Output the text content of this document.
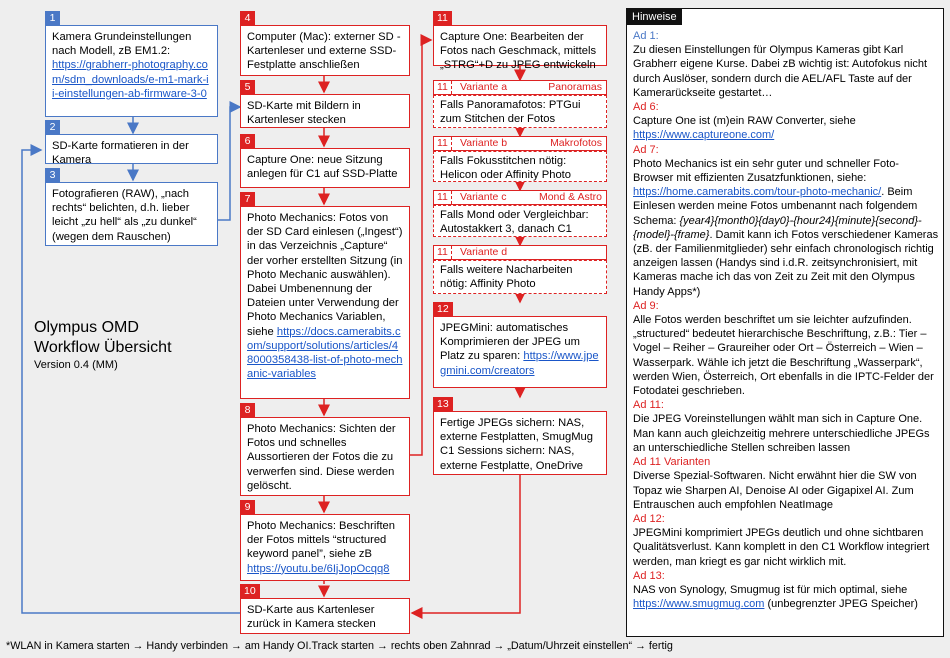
1
Kamera Grundeinstellungen nach Modell, zB EM1.2:
https://grabherr-photography.com/sdm_downloads/e-m1-mark-ii-einstellungen-ab-firmware-3-0
2
SD-Karte formatieren in der Kamera
3
Fotografieren (RAW), „nach rechts“ belichten, d.h. lieber leicht „zu hell“ als „zu dunkel“ (wegen dem Rauschen)
Olympus OMD
Workflow Übersicht
Version 0.4 (MM)
4
Computer (Mac): externer SD -Kartenleser und externe SSD-Festplatte anschließen
5
SD-Karte mit Bildern in Kartenleser stecken
6
Capture One: neue Sitzung anlegen für C1 auf SSD-Platte
7
Photo Mechanics: Fotos von der SD Card einlesen („Ingest“) in das Verzeichnis „Capture“ der vorher erstellten Sitzung (in Photo Mechanic auswählen). Dabei Umbenennung der Dateien unter Verwendung der Photo Mechanics Variablen, siehe https://docs.camerabits.com/support/solutions/articles/48000358438-list-of-photo-mechanic-variables
8
Photo Mechanics: Sichten der Fotos und schnelles Aussortieren der Fotos die zu verwerfen sind. Diese werden gelöscht.
9
Photo Mechanics: Beschriften der Fotos mittels “structured keyword panel”, siehe zB https://youtu.be/6IjJopOcqq8
10
SD-Karte aus Kartenleser zurück in Kamera stecken
11
Capture One: Bearbeiten der Fotos nach Geschmack, mittels „STRG“+D zu JPEG entwickeln
11 Variante a	Panoramas
Falls Panoramafotos: PTGui zum Stitchen der Fotos
11 Variante b	Makrofotos
Falls Fokusstitchen nötig: Helicon oder Affinity Photo
11 Variante c	Mond & Astro
Falls Mond oder Vergleichbar: Autostakkert 3, danach C1
11 Variante d
Falls weitere Nacharbeiten nötig: Affinity Photo
12
JPEGMini: automatisches Komprimieren der JPEG um Platz zu sparen: https://www.jpegmini.com/creators
13
Fertige JPEGs sichern: NAS, externe Festplatten, SmugMug C1 Sessions sichern: NAS, externe Festplatte, OneDrive
Hinweise
Ad 1:
Zu diesen Einstellungen für Olympus Kameras gibt Karl Grabherr eigene Kurse. Dabei zB wichtig ist: Autofokus nicht durch Auslöser, sondern durch die AEL/AFL Taste auf der Kamerarückseite gestartet…
Ad 6:
Capture One ist (m)ein RAW Converter, siehe https://www.captureone.com/
Ad 7:
Photo Mechanics ist ein sehr guter und schneller Foto-Browser mit effizienten Zusatzfunktionen, siehe: https://home.camerabits.com/tour-photo-mechanic/. Beim Einlesen werden meine Fotos umbenannt nach folgendem Schema: {year4}{month0}{day0}-{hour24}{minute}{second}-{model}-{frame}. Damit kann ich Fotos verschiedener Kameras (zB. der Familienmitglieder) sehr einfach chronologisch richtig anzeigen lassen (Handys sind i.d.R. zeitsynchronisiert, mit Kameras mache ich das von Zeit zu Zeit mit den Olympus Handy Apps*)
Ad 9:
Alle Fotos werden beschriftet um sie leichter aufzufinden. „structured“ bedeutet hierarchische Beschriftung, z.B.: Tier – Vogel – Reiher – Graureiher oder Ort – Österreich – Wien – Wasserpark. Wähle ich jetzt die Beschriftung „Wasserpark“, werden Wien, Österreich, Ort ebenfalls in die IPTC-Felder der Fotodatei geschrieben.
Ad 11:
Die JPEG Voreinstellungen wählt man sich in Capture One. Man kann auch gleichzeitig mehrere unterschiedliche JPEGs an unterschiedliche Stellen schreiben lassen
Ad 11 Varianten
Diverse Spezial-Softwaren. Nicht erwähnt hier die SW von Topaz wie Sharpen AI, Denoise AI oder Gigapixel AI. Zum Entrauschen auch empfohlen NeatImage
Ad 12:
JPEGMini komprimiert JPEGs deutlich und ohne sichtbaren Qualitätsverlust. Kann komplett in den C1 Workflow integriert werden, man kriegt es gar nicht wirklich mit.
Ad 13:
NAS von Synology, Smugmug ist für mich optimal, siehe https://www.smugmug.com (unbegrenzter JPEG Speicher)
*WLAN in Kamera starten → Handy verbinden → am Handy OI.Track starten → rechts oben Zahnrad → „Datum/Uhrzeit einstellen“ → fertig
